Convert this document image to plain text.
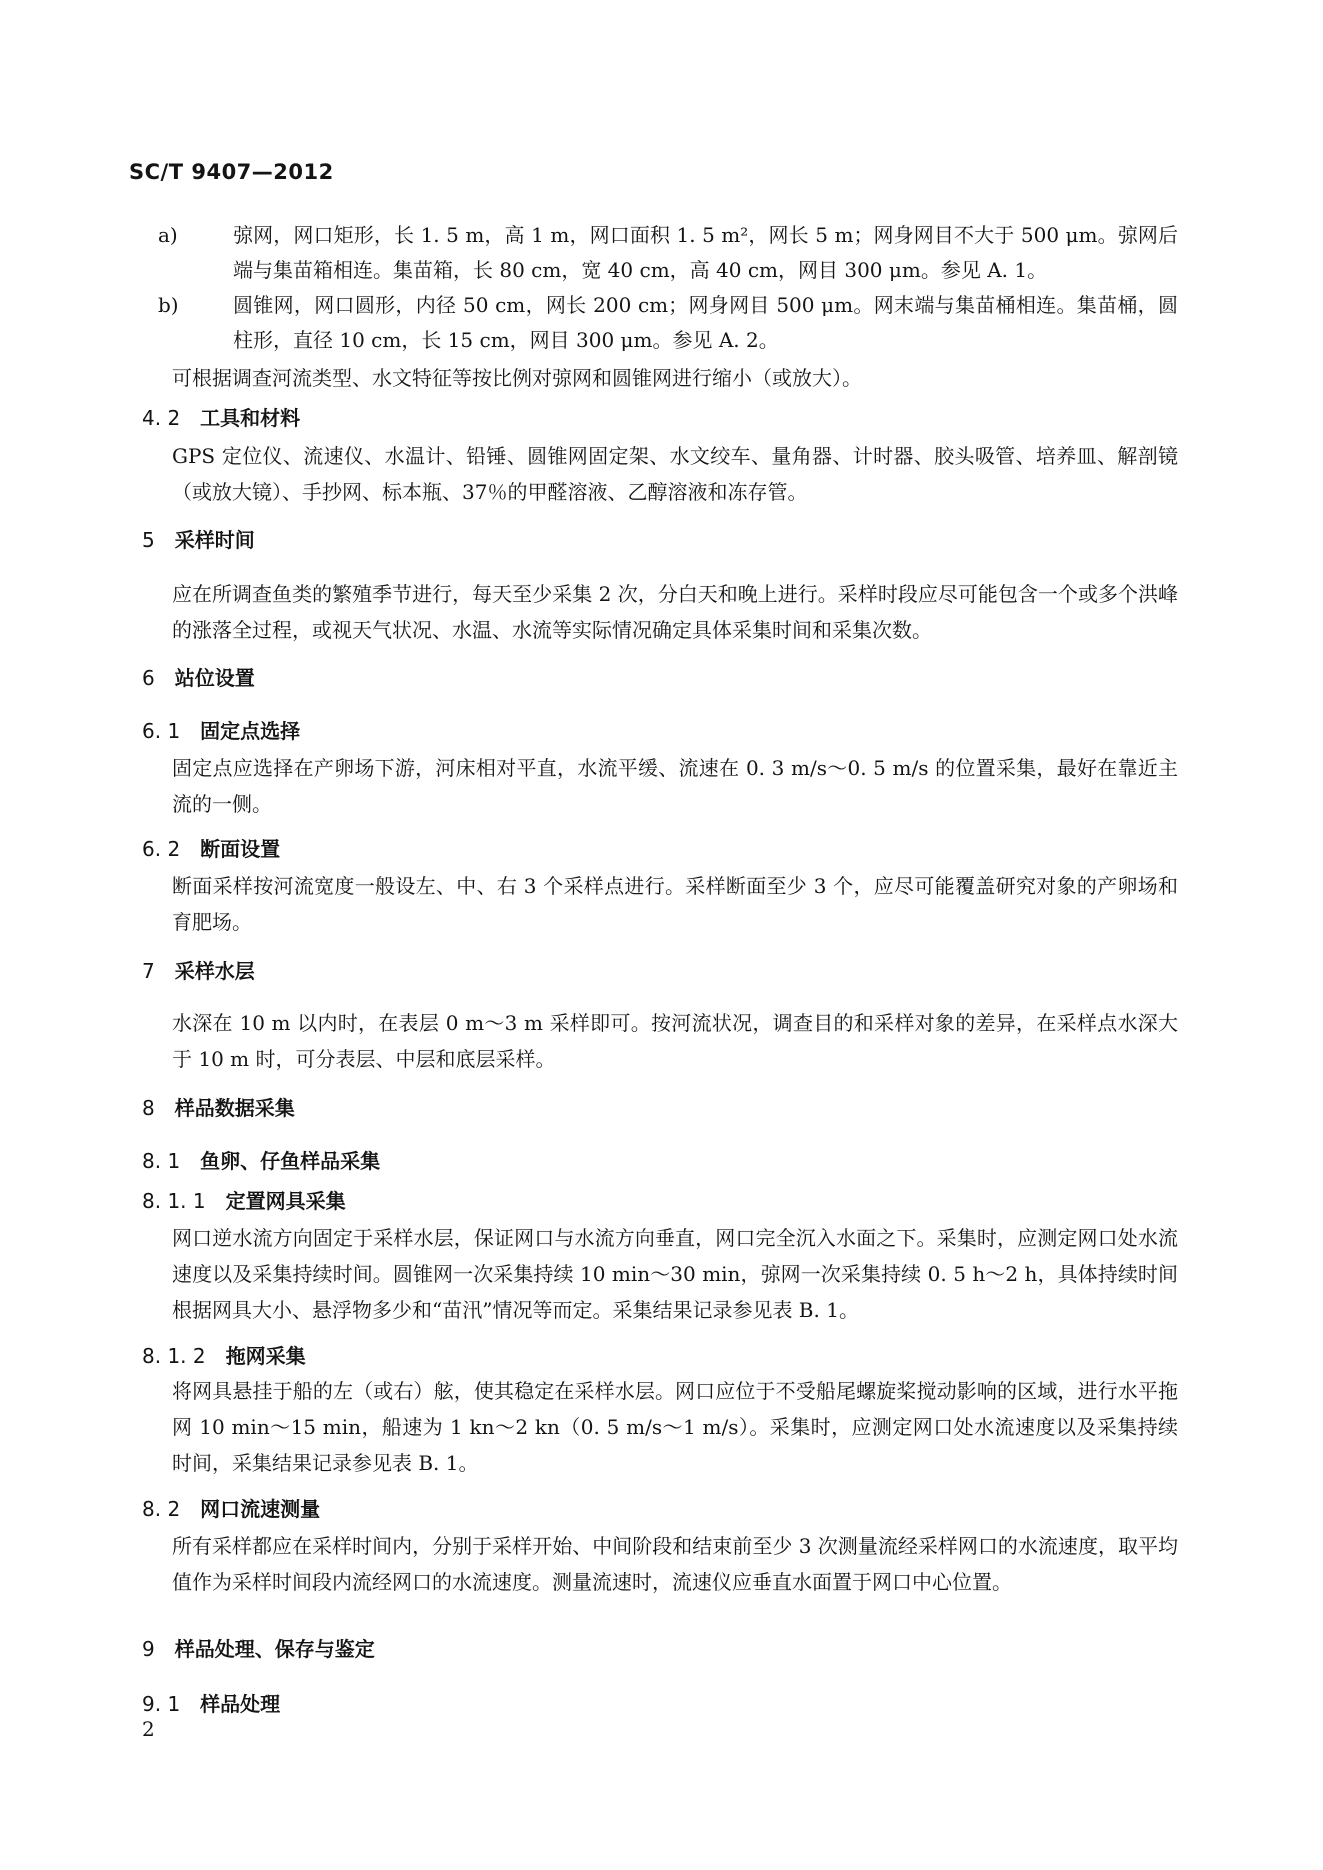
SC/T 9407—2012
a)	弶网，网口矩形，长 1. 5 m，高 1 m，网口面积 1. 5 m²，网长 5 m；网身网目不大于 500 μm。弶网后端与集苗箱相连。集苗箱，长 80 cm，宽 40 cm，高 40 cm，网目 300 μm。参见 A. 1。
b)	圆锥网，网口圆形，内径 50 cm，网长 200 cm；网身网目 500 μm。网末端与集苗桶相连。集苗桶，圆柱形，直径 10 cm，长 15 cm，网目 300 μm。参见 A. 2。
可根据调查河流类型、水文特征等按比例对弶网和圆锥网进行缩小（或放大）。
4. 2 工具和材料
GPS 定位仪、流速仪、水温计、铅锤、圆锥网固定架、水文绞车、量角器、计时器、胶头吸管、培养皿、解剖镜（或放大镜）、手抄网、标本瓶、37％的甲醛溶液、乙醇溶液和冻存管。
5 采样时间
应在所调查鱼类的繁殖季节进行，每天至少采集 2 次，分白天和晚上进行。采样时段应尽可能包含一个或多个洪峰的涨落全过程，或视天气状况、水温、水流等实际情况确定具体采集时间和采集次数。
6 站位设置
6. 1 固定点选择
固定点应选择在产卵场下游，河床相对平直，水流平缓、流速在 0. 3 m/s～0. 5 m/s 的位置采集，最好在靠近主流的一侧。
6. 2 断面设置
断面采样按河流宽度一般设左、中、右 3 个采样点进行。采样断面至少 3 个，应尽可能覆盖研究对象的产卵场和育肥场。
7 采样水层
水深在 10 m 以内时，在表层 0 m～3 m 采样即可。按河流状况，调查目的和采样对象的差异，在采样点水深大于 10 m 时，可分表层、中层和底层采样。
8 样品数据采集
8. 1 鱼卵、仔鱼样品采集
8. 1. 1 定置网具采集
网口逆水流方向固定于采样水层，保证网口与水流方向垂直，网口完全沉入水面之下。采集时，应测定网口处水流速度以及采集持续时间。圆锥网一次采集持续 10 min～30 min，弶网一次采集持续 0. 5 h～2 h，具体持续时间根据网具大小、悬浮物多少和“苗汛”情况等而定。采集结果记录参见表 B. 1。
8. 1. 2 拖网采集
将网具悬挂于船的左（或右）舷，使其稳定在采样水层。网口应位于不受船尾螺旋桨搅动影响的区域，进行水平拖网 10 min～15 min，船速为 1 kn～2 kn（0. 5 m/s～1 m/s）。采集时，应测定网口处水流速度以及采集持续时间，采集结果记录参见表 B. 1。
8. 2 网口流速测量
所有采样都应在采样时间内，分别于采样开始、中间阶段和结束前至少 3 次测量流经采样网口的水流速度，取平均值作为采样时间段内流经网口的水流速度。测量流速时，流速仪应垂直水面置于网口中心位置。
9 样品处理、保存与鉴定
9. 1 样品处理
2
